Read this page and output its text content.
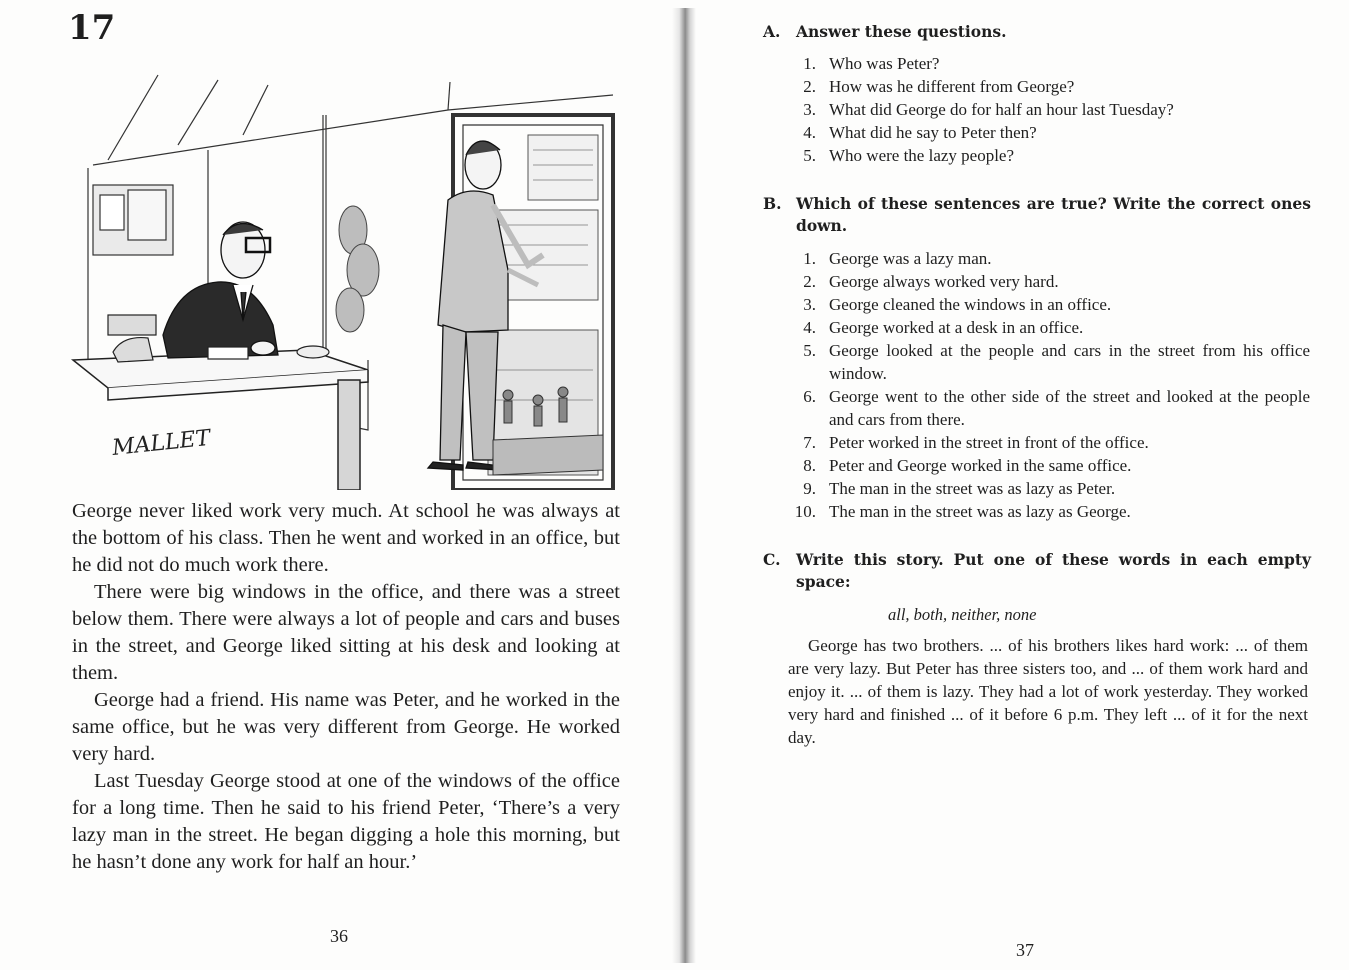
17
MALLET

George never liked work very much. At school he was always at the bottom of his class. Then he went and worked in an office, but he did not do much work there.

There were big windows in the office, and there was a street below them. There were always a lot of people and cars and buses in the street, and George liked sitting at his desk and looking at them.

George had a friend. His name was Peter, and he worked in the same office, but he was very different from George. He worked very hard.

Last Tuesday George stood at one of the windows of the office for a long time. Then he said to his friend Peter, ‘There’s a very lazy man in the street. He began digging a hole this morning, but he hasn’t done any work for half an hour.’

36
A. Answer these questions.
1. Who was Peter?
2. How was he different from George?
3. What did George do for half an hour last Tuesday?
4. What did he say to Peter then?
5. Who were the lazy people?
B. Which of these sentences are true? Write the correct ones down.
1. George was a lazy man.
2. George always worked very hard.
3. George cleaned the windows in an office.
4. George worked at a desk in an office.
5. George looked at the people and cars in the street from his office window.
6. George went to the other side of the street and looked at the people and cars from there.
7. Peter worked in the street in front of the office.
8. Peter and George worked in the same office.
9. The man in the street was as lazy as Peter.
10. The man in the street was as lazy as George.
C. Write this story. Put one of these words in each empty space:
all, both, neither, none

George has two brothers. ... of his brothers likes hard work: ... of them are very lazy. But Peter has three sisters too, and ... of them work hard and enjoy it. ... of them is lazy. They had a lot of work yesterday. They worked very hard and finished ... of it before 6 p.m. They left ... of it for the next day.

37
